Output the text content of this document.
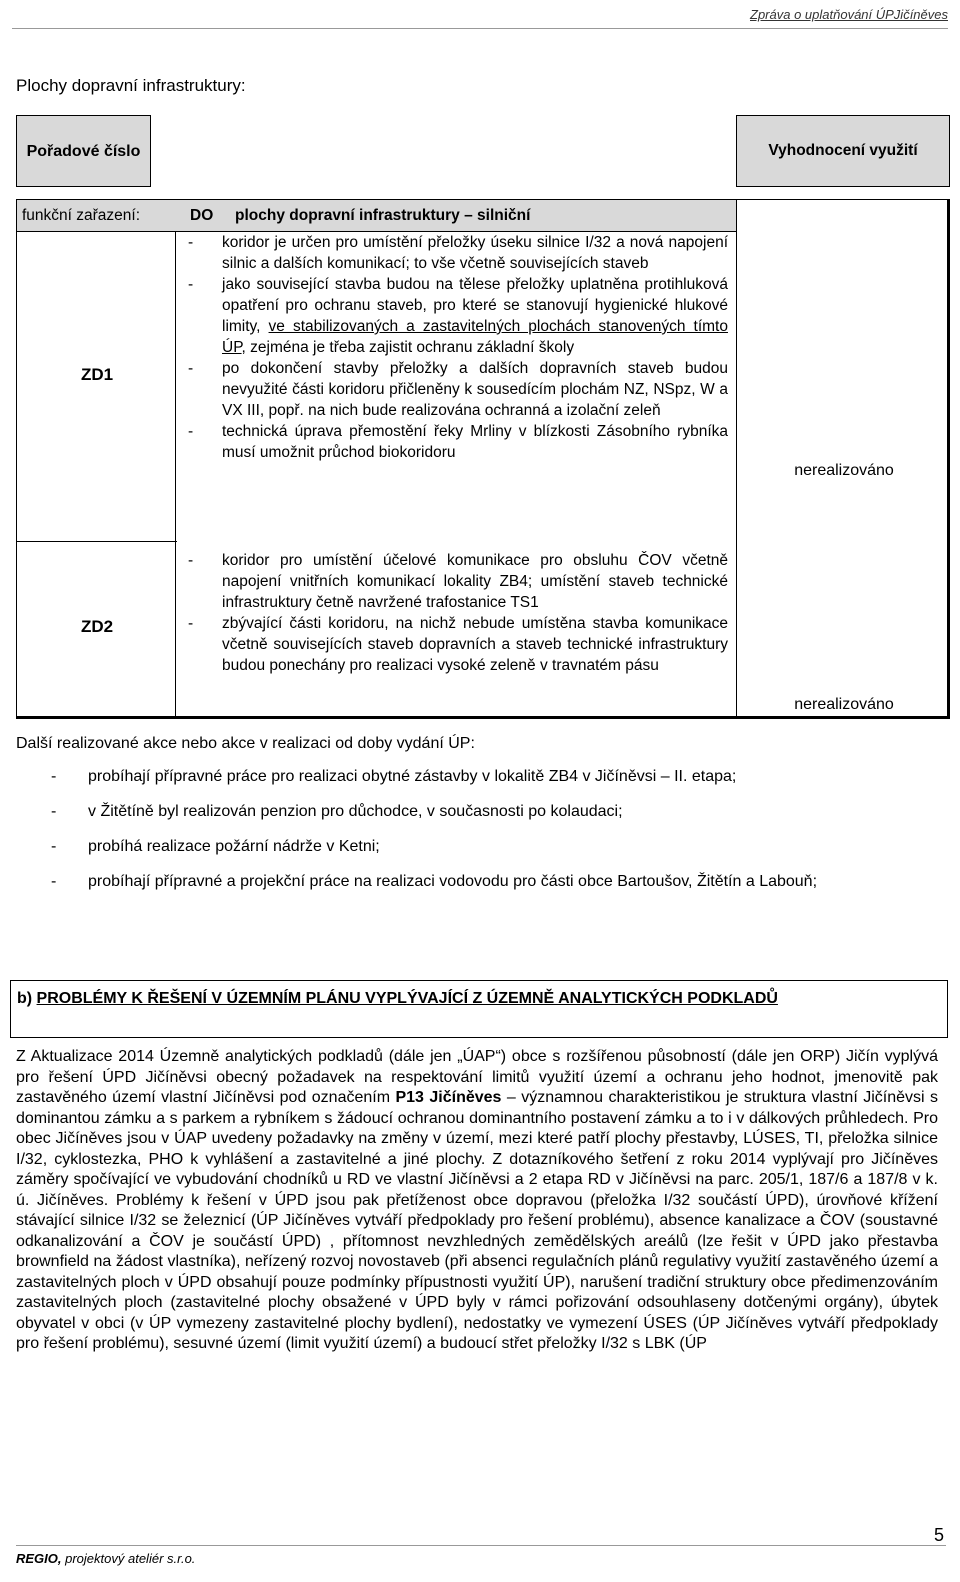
Zpráva o uplatňování ÚPJičíněves
Plochy dopravní infrastruktury:
Pořadové číslo	Vyhodnocení využití
funkční zařazení:	DO plochy dopravní infrastruktury – silniční
nerealizováno
nerealizováno
ZD1
ZD2
- koridor je určen pro umístění přeložky úseku silnice I/32 a nová napojení silnic a dalších komunikací; to vše včetně souvisejících staveb
- jako související stavba budou na tělese přeložky uplatněna protihluková opatření pro ochranu staveb, pro které se stanovují hygienické hlukové limity, ve stabilizovaných a zastavitelných plochách stanovených tímto ÚP, zejména je třeba zajistit ochranu základní školy
- po dokončení stavby přeložky a dalších dopravních staveb budou nevyužité části koridoru přičleněny k sousedícím plochám NZ, NSpz, W a VX III, popř. na nich bude realizována ochranná a izolační zeleň
- technická úprava přemostění řeky Mrliny v blízkosti Zásobního rybníka musí umožnit průchod biokoridoru
- koridor pro umístění účelové komunikace pro obsluhu ČOV včetně napojení vnitřních komunikací lokality ZB4; umístění staveb technické infrastruktury četně navržené trafostanice TS1
- zbývající části koridoru, na nichž nebude umístěna stavba komunikace včetně souvisejících staveb dopravních a staveb technické infrastruktury budou ponechány pro realizaci vysoké zeleně v travnatém pásu
Další realizované akce nebo akce v realizaci od doby vydání ÚP:
- probíhají přípravné práce pro realizaci obytné zástavby v lokalitě ZB4 v Jičíněvsi – II. etapa;
- v Žitětíně byl realizován penzion pro důchodce, v současnosti po kolaudaci;
- probíhá realizace požární nádrže v Ketni;
- probíhají přípravné a projekční práce na realizaci vodovodu pro části obce Bartoušov, Žitětín a Labouň;
b) PROBLÉMY K ŘEŠENÍ V ÚZEMNÍM PLÁNU VYPLÝVAJÍCÍ Z ÚZEMNĚ ANALYTICKÝCH PODKLADŮ
Z Aktualizace 2014 Územně analytických podkladů (dále jen „ÚAP“) obce s rozšířenou působností (dále jen ORP) Jičín vyplývá pro řešení ÚPD Jičíněvsi obecný požadavek na respektování limitů využití území a ochranu jeho hodnot, jmenovitě pak zastavěného území vlastní Jičíněvsi pod označením P13 Jičíněves – významnou charakteristikou je struktura vlastní Jičíněvsi s dominantou zámku a s parkem a rybníkem s žádoucí ochranou dominantního postavení zámku a to i v dálkových průhledech. Pro obec Jičíněves jsou v ÚAP uvedeny požadavky na změny v území, mezi které patří plochy přestavby, LÚSES, TI, přeložka silnice I/32, cyklostezka, PHO k vyhlášení a zastavitelné a jiné plochy. Z dotazníkového šetření z roku 2014 vyplývají pro Jičíněves záměry spočívající ve vybudování chodníků u RD ve vlastní Jičíněvsi a 2 etapa RD v Jičíněvsi na parc. 205/1, 187/6 a 187/8 v k. ú. Jičíněves. Problémy k řešení v ÚPD jsou pak přetíženost obce dopravou (přeložka I/32 součástí ÚPD), úrovňové křížení stávající silnice I/32 se železnicí (ÚP Jičíněves vytváří předpoklady pro řešení problému), absence kanalizace a ČOV (soustavné odkanalizování a ČOV je součástí ÚPD) , přítomnost nevzhledných zemědělských areálů (lze řešit v ÚPD jako přestavba brownfield na žádost vlastníka), neřízený rozvoj novostaveb (při absenci regulačních plánů regulativy využití zastavěného území a zastavitelných ploch v ÚPD obsahují pouze podmínky přípustnosti využití ÚP), narušení tradiční struktury obce předimenzováním zastavitelných ploch (zastavitelné plochy obsažené v ÚPD byly v rámci pořizování odsouhlaseny dotčenými orgány), úbytek obyvatel v obci (v ÚP vymezeny zastavitelné plochy bydlení), nedostatky ve vymezení ÚSES (ÚP Jičíněves vytváří předpoklady pro řešení problému), sesuvné území (limit využití území) a budoucí střet přeložky I/32 s LBK (ÚP
5
REGIO, projektový ateliér s.r.o.
